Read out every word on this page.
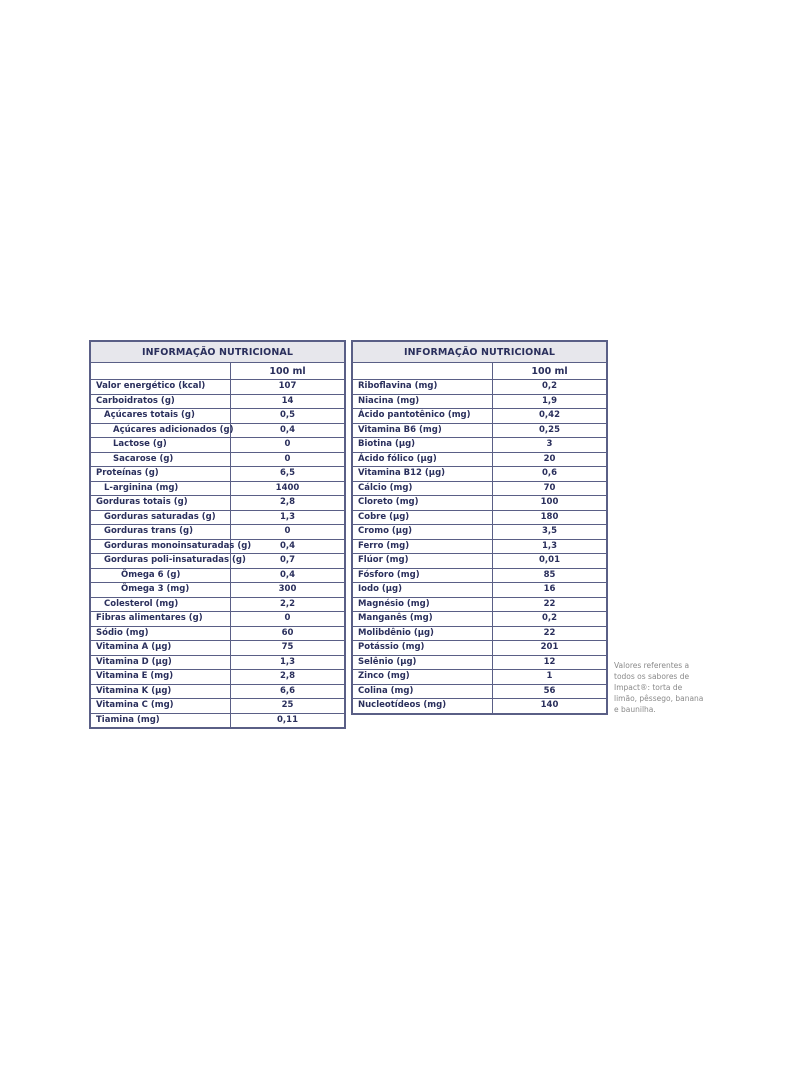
INFORMAÇÃO NUTRICIONAL	
	100 ml
Valor energético (kcal)	107
Carboidratos (g)	14
Açúcares totais (g)	0,5
Açúcares adicionados (g)	0,4
Lactose (g)	0
Sacarose (g)	0
Proteínas (g)	6,5
L-arginina (mg)	1400
Gorduras totais (g)	2,8
Gorduras saturadas (g)	1,3
Gorduras trans (g)	0
Gorduras monoinsaturadas (g)	0,4
Gorduras poli-insaturadas (g)	0,7
Ômega 6 (g)	0,4
Ômega 3 (mg)	300
Colesterol (mg)	2,2
Fibras alimentares (g)	0
Sódio (mg)	60
Vitamina A (µg)	75
Vitamina D (µg)	1,3
Vitamina E (mg)	2,8
Vitamina K (µg)	6,6
Vitamina C (mg)	25
Tiamina (mg)	0,11
INFORMAÇÃO NUTRICIONAL	
	100 ml
Riboflavina (mg)	0,2
Niacina (mg)	1,9
Ácido pantotênico (mg)	0,42
Vitamina B6 (mg)	0,25
Biotina (µg)	3
Ácido fólico (µg)	20
Vitamina B12 (µg)	0,6
Cálcio (mg)	70
Cloreto (mg)	100
Cobre (µg)	180
Cromo (µg)	3,5
Ferro (mg)	1,3
Flúor (mg)	0,01
Fósforo (mg)	85
Iodo (µg)	16
Magnésio (mg)	22
Manganês (mg)	0,2
Molibdênio (µg)	22
Potássio (mg)	201
Selênio (µg)	12
Zinco (mg)	1
Colina (mg)	56
Nucleotídeos (mg)	140
Valores referentes a todos os sabores de Impact®: torta de limão, pêssego, banana e baunilha.
